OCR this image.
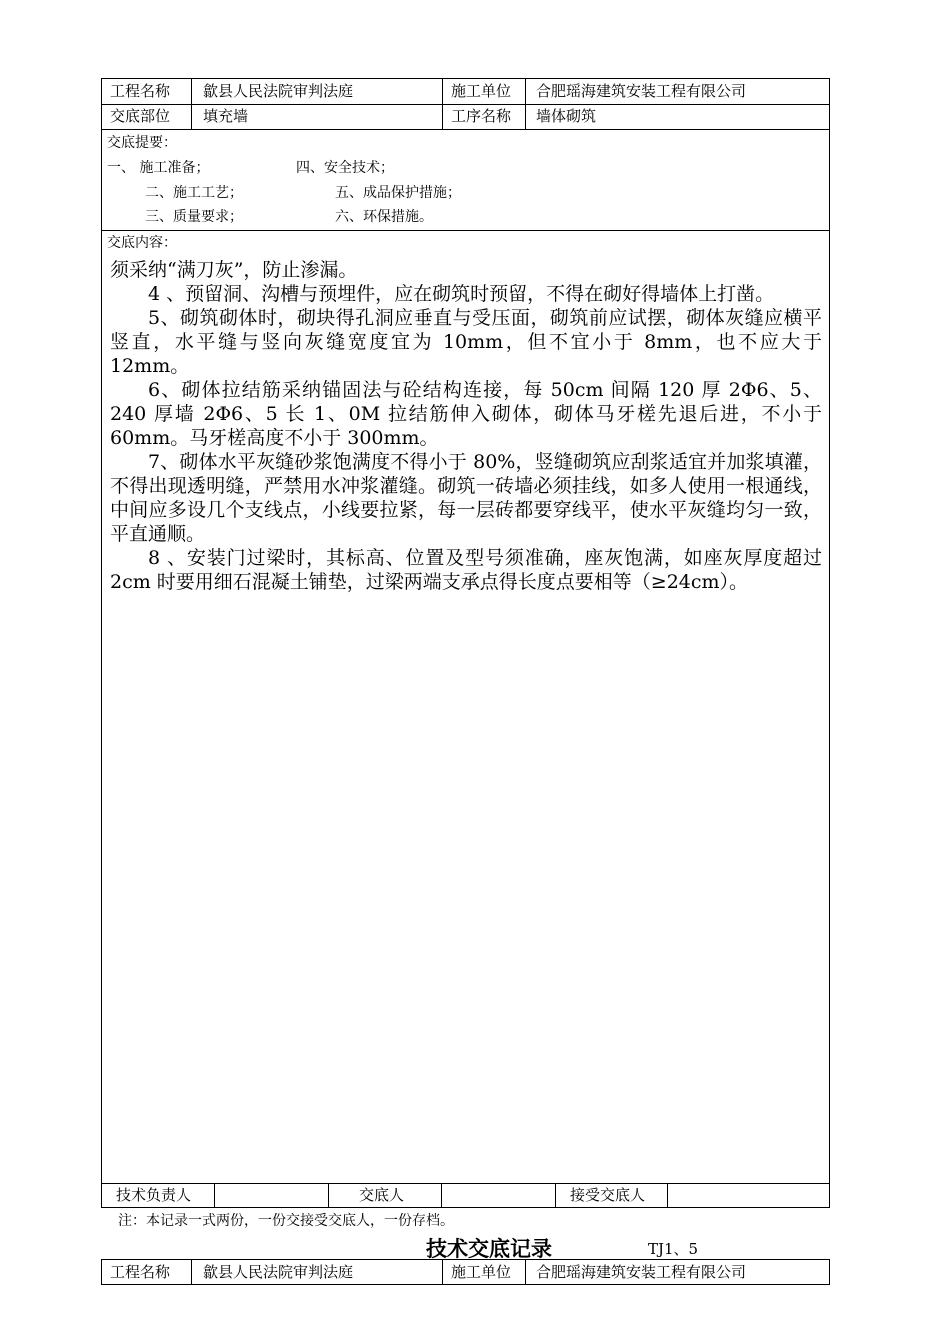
工程名称 歙县人民法院审判法庭	施工单位 合肥瑶海建筑安装工程有限公司
交底部位 填充墙	工序名称 墙体砌筑
交底提要：
一、 施工准备；	四、安全技术；
二、施工工艺；	五、成品保护措施；
三、质量要求；	六、环保措施。
交底内容：

须采纳“满刀灰”，防止渗漏。

4 、预留洞、沟槽与预埋件，应在砌筑时预留，不得在砌好得墙体上打凿。

5、砌筑砌体时，砌块得孔洞应垂直与受压面，砌筑前应试摆，砌体灰缝应横平竖直，水平缝与竖向灰缝宽度宜为 10mm，但不宜小于 8mm，也不应大于 12mm。

6、砌体拉结筋采纳锚固法与砼结构连接，每 50cm 间隔 120 厚 2Φ6、5、240 厚墙 2Φ6、5 长 1、0M 拉结筋伸入砌体，砌体马牙槎先退后进，不小于 60mm。马牙槎高度不小于 300mm。

7、砌体水平灰缝砂浆饱满度不得小于 80%，竖缝砌筑应刮浆适宜并加浆填灌，不得出现透明缝，严禁用水冲浆灌缝。砌筑一砖墙必须挂线，如多人使用一根通线，中间应多设几个支线点，小线要拉紧，每一层砖都要穿线平，使水平灰缝均匀一致，平直通顺。

8 、安装门过梁时，其标高、位置及型号须准确，座灰饱满，如座灰厚度超过 2cm 时要用细石混凝土铺垫，过梁两端支承点得长度点要相等（≥24cm）。

技术负责人	交底人	接受交底人
注：本记录一式两份，一份交接受交底人，一份存档。
技术交底记录	TJ1、5
工程名称 歙县人民法院审判法庭	施工单位 合肥瑶海建筑安装工程有限公司
